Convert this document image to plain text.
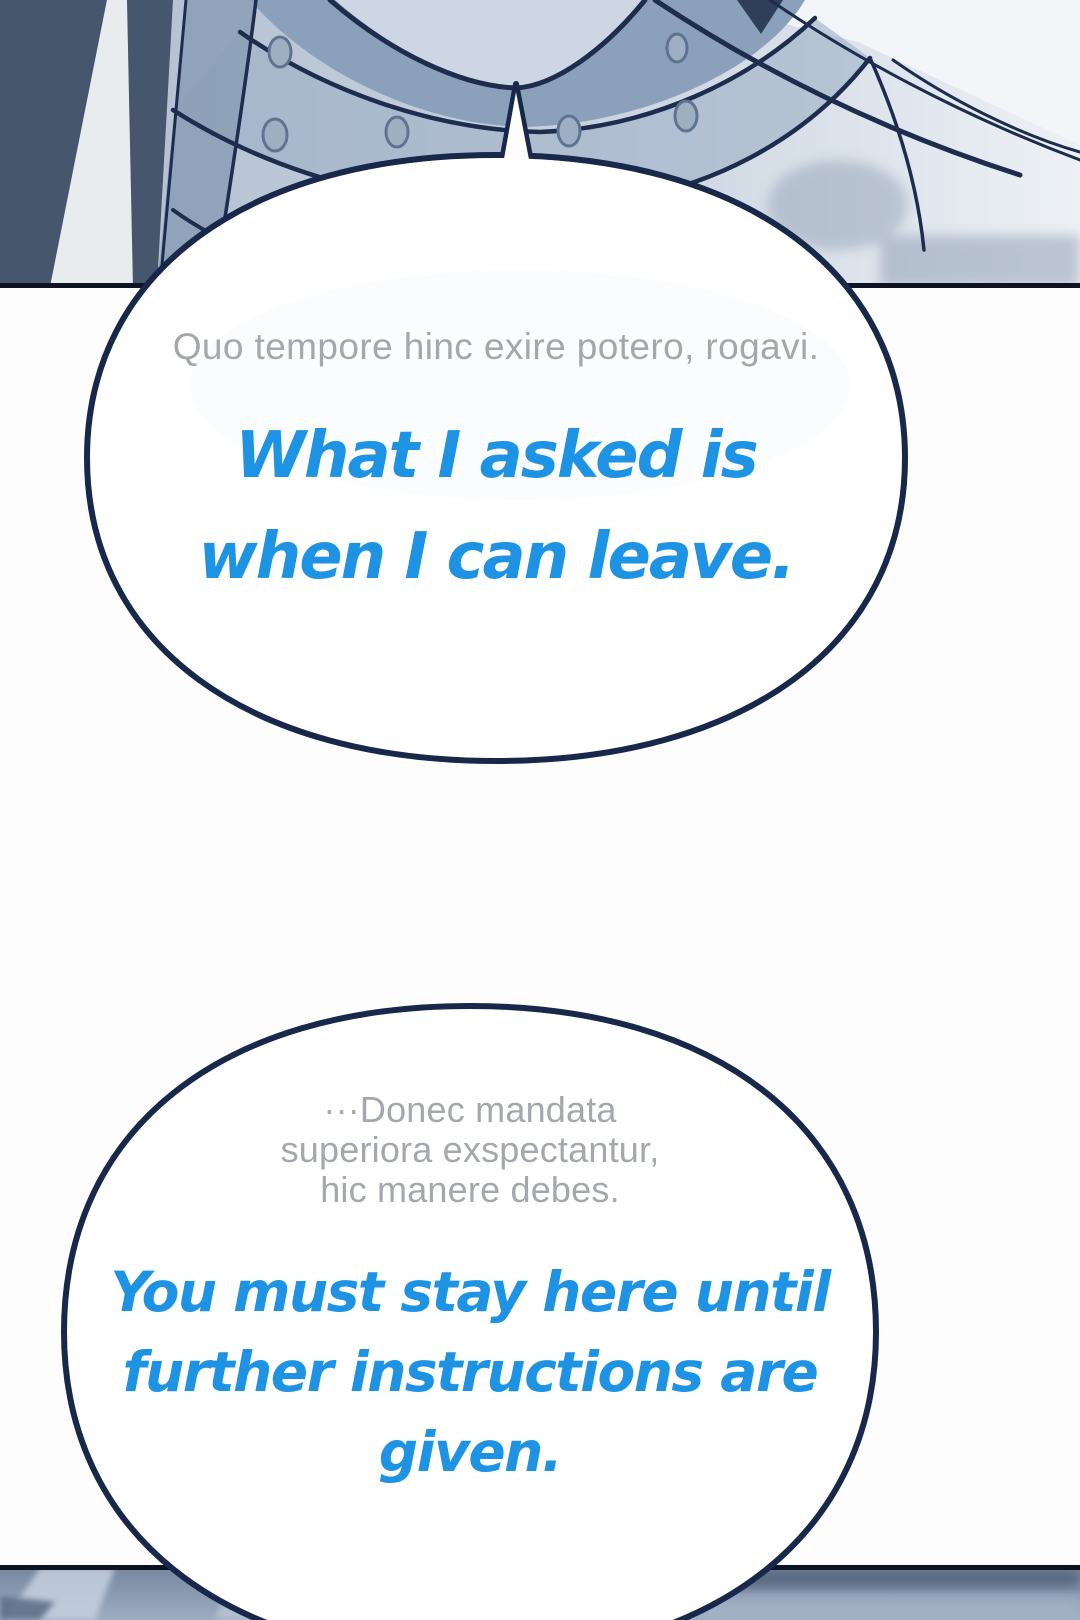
Quo tempore hinc exire potero, rogavi.
What I asked is
when I can leave.
···Donec mandata
superiora exspectantur,
hic manere debes.
You must stay here until
further instructions are
given.
